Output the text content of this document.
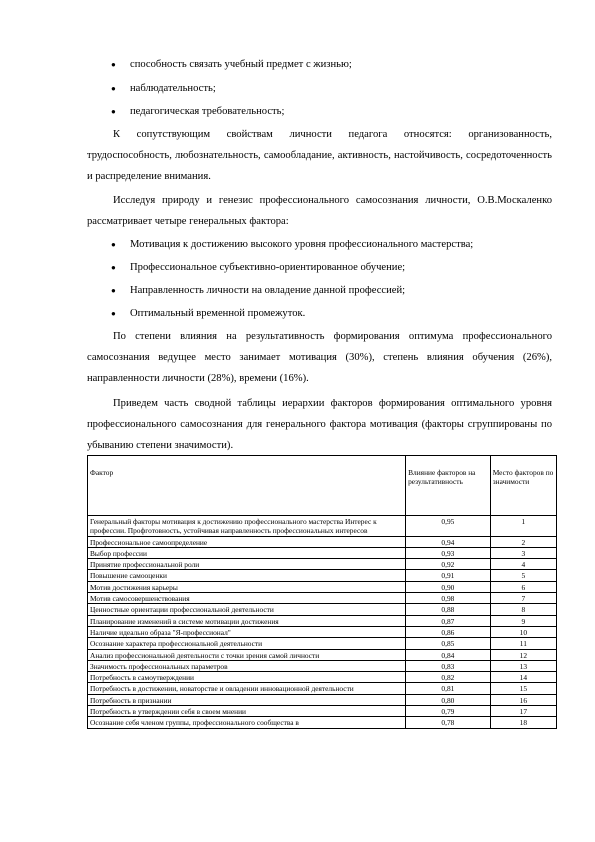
●	способность связать учебный предмет с жизнью;
●	наблюдательность;
●	педагогическая требовательность;

К сопутствующим свойствам личности педагога относятся: организованность, трудоспособность, любознательность, самообладание, активность, настойчивость, сосредоточенность и распределение внимания.

Исследуя природу и генезис профессионального самосознания личности, О.В.Москаленко рассматривает четыре генеральных фактора:

●	Мотивация к достижению высокого уровня профессионального мастерства;
●	Профессиональное субъективно-ориентированное обучение;
●	Направленность личности на овладение данной профессией;
●	Оптимальный временной промежуток.

По степени влияния на результативность формирования оптимума профессионального самосознания ведущее место занимает мотивация (30%), степень влияния обучения (26%), направленности личности (28%), времени (16%).

Приведем часть сводной таблицы иерархии факторов формирования оптимального уровня профессионального самосознания для генерального фактора мотивация (факторы сгруппированы по убыванию степени значимости).

Фактор	Влияние факторов на результативность	Место факторов по значимости
Генеральный факторы мотивация к достижению профессионального мастерства Интерес к профессии. Профготовность, устойчивая направленность профессиональных интересов	0,95	1
Профессиональное самоопределение	0,94	2
Выбор профессии	0,93	3
Принятие профессиональной роли	0,92	4
Повышение самооценки	0,91	5
Мотив достижения карьеры	0,90	6
Мотив самосовершенствования	0,98	7
Ценностные ориентации профессиональной деятельности	0,88	8
Планирование изменений в системе мотивации достижения	0,87	9
Наличие идеально образа "Я-профессионал"	0,86	10
Осознание характера профессиональной деятельности	0,85	11
Анализ профессиональной деятельности с точки зрения самой личности	0,84	12
Значимость профессиональных параметров	0,83	13
Потребность в самоутверждении	0,82	14
Потребность в достижении, новаторстве и овладении инновационной деятельности	0,81	15
Потребность в признании	0,80	16
Потребность в утверждении себя в своем мнении	0,79	17
Осознание себя членом группы, профессионального сообщества в	0,78	18
